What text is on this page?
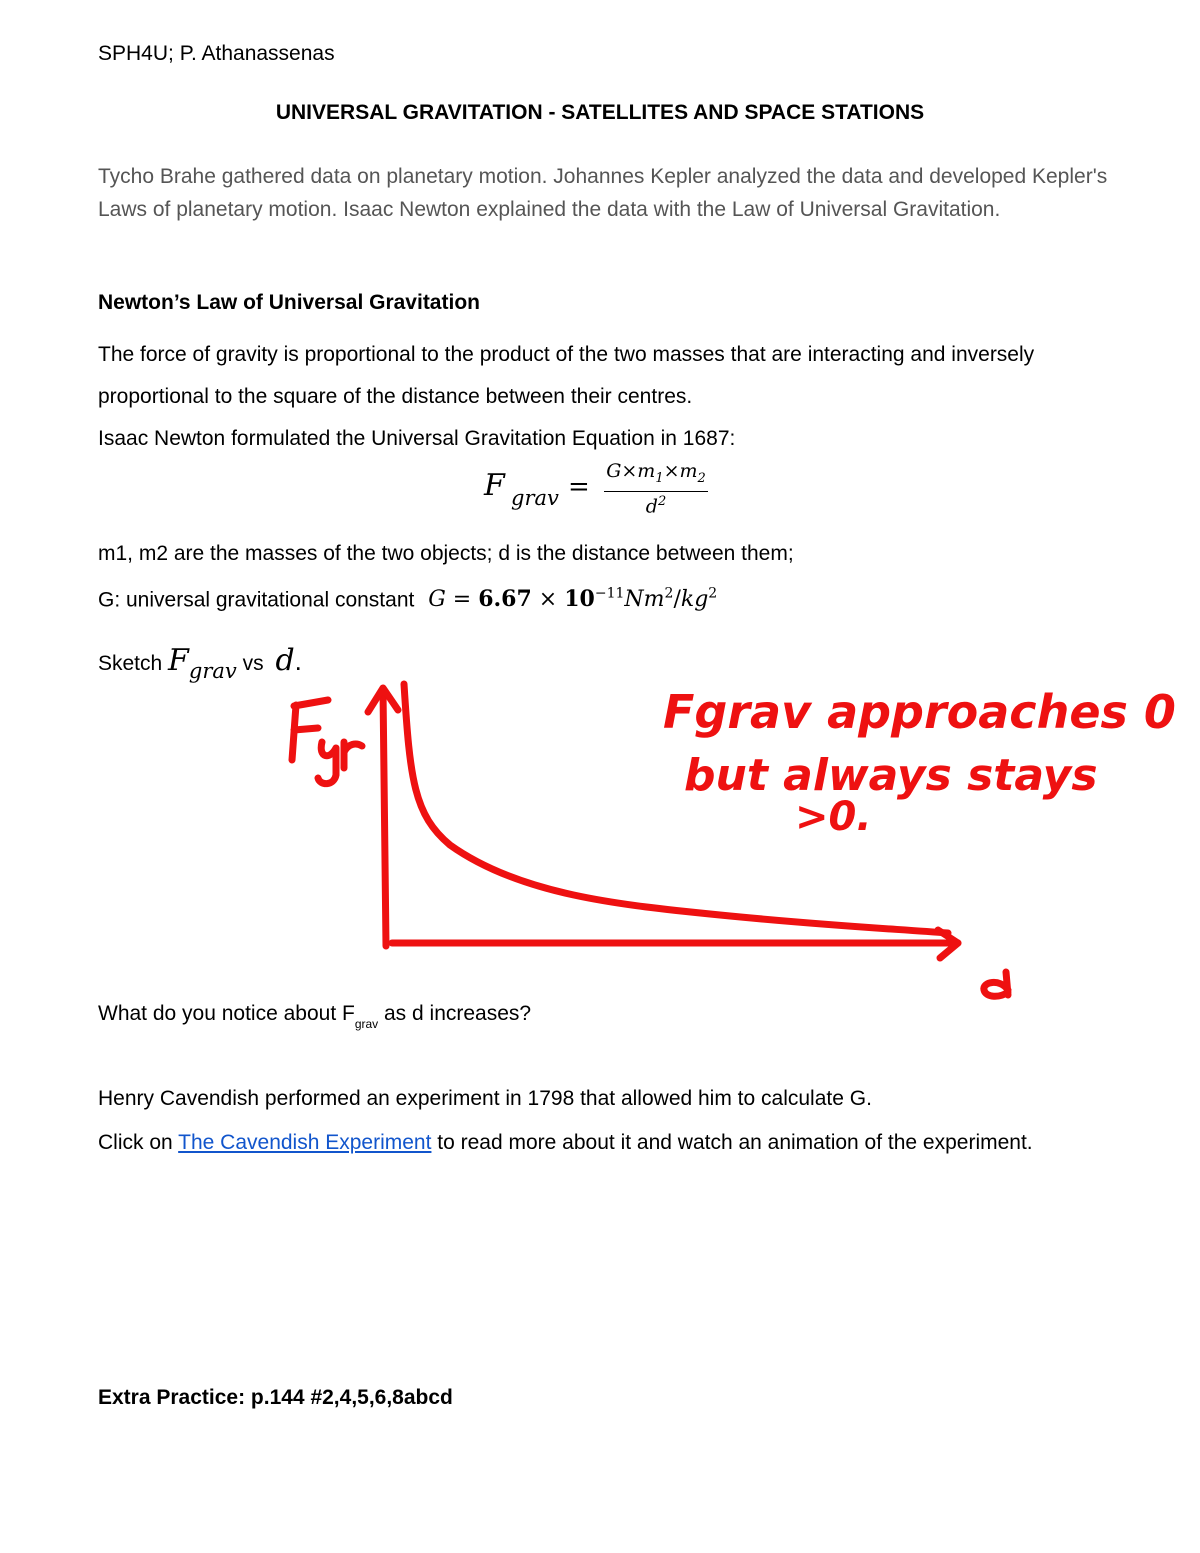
SPH4U; P. Athanassenas
UNIVERSAL GRAVITATION - SATELLITES AND SPACE STATIONS
Tycho Brahe gathered data on planetary motion. Johannes Kepler analyzed the data and developed Kepler's Laws of planetary motion. Isaac Newton explained the data with the Law of Universal Gravitation.
Newton’s Law of Universal Gravitation
The force of gravity is proportional to the product of the two masses that are interacting and inversely proportional to the square of the distance between their centres.
Isaac Newton formulated the Universal Gravitation Equation in 1687:
F grav =
$G\times m_1\times m_2$
$d^2$
m1, m2 are the masses of the two objects; d is the distance between them;
G: universal gravitational constant $G = 6.67 \times 10^{-11}Nm^2/kg^2$
Sketch Fgrav vs d.
Fgrav approaches 0
but always stays
>0.
What do you notice about $F_{grav}$ as d increases?
Henry Cavendish performed an experiment in 1798 that allowed him to calculate G.
Click on The Cavendish Experiment to read more about it and watch an animation of the experiment.
Extra Practice: p.144 #2,4,5,6,8abcd
